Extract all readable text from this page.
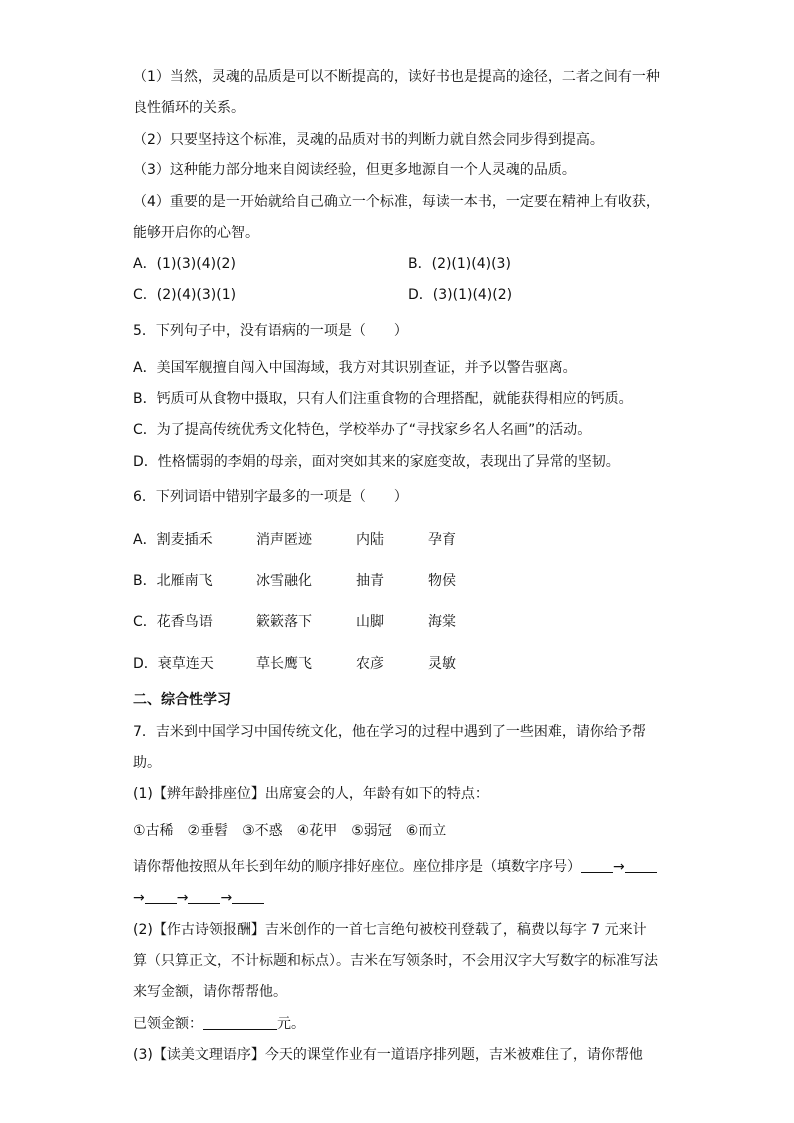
（1）当然，灵魂的品质是可以不断提高的，读好书也是提高的途径，二者之间有一种
良性循环的关系。
（2）只要坚持这个标准，灵魂的品质对书的判断力就自然会同步得到提高。
（3）这种能力部分地来自阅读经验，但更多地源自一个人灵魂的品质。
（4）重要的是一开始就给自己确立一个标准，每读一本书，一定要在精神上有收获，
能够开启你的心智。
A．(1)(3)(4)(2)	B．(2)(1)(4)(3)
C．(2)(4)(3)(1)	D．(3)(1)(4)(2)
5．下列句子中，没有语病的一项是（　　）
A．美国军舰擅自闯入中国海域，我方对其识别查证，并予以警告驱离。
B．钙质可从食物中摄取，只有人们注重食物的合理搭配，就能获得相应的钙质。
C．为了提高传统优秀文化特色，学校举办了“寻找家乡名人名画”的活动。
D．性格懦弱的李娟的母亲，面对突如其来的家庭变故，表现出了异常的坚韧。
6．下列词语中错别字最多的一项是（　　）
A．割麦插禾	消声匿迹	内陆	孕育
B．北雁南飞	冰雪融化	抽青	物侯
C．花香鸟语	簌簌落下	山脚	海棠
D．衰草连天	草长鹰飞	农彦	灵敏
二、综合性学习
7．吉米到中国学习中国传统文化，他在学习的过程中遇到了一些困难，请你给予帮
助。
(1)【辨年龄排座位】出席宴会的人，年龄有如下的特点：
①古稀　②垂髫　③不惑　④花甲　⑤弱冠　⑥而立
请你帮他按照从年长到年幼的顺序排好座位。座位排序是（填数字序号） →
→ → →
(2)【作古诗领报酬】吉米创作的一首七言绝句被校刊登载了，稿费以每字 7 元来计
算（只算正文，不计标题和标点）。吉米在写领条时，不会用汉字大写数字的标准写法
来写金额，请你帮帮他。
已领金额：	元。
(3)【读美文理语序】今天的课堂作业有一道语序排列题，吉米被难住了，请你帮他
